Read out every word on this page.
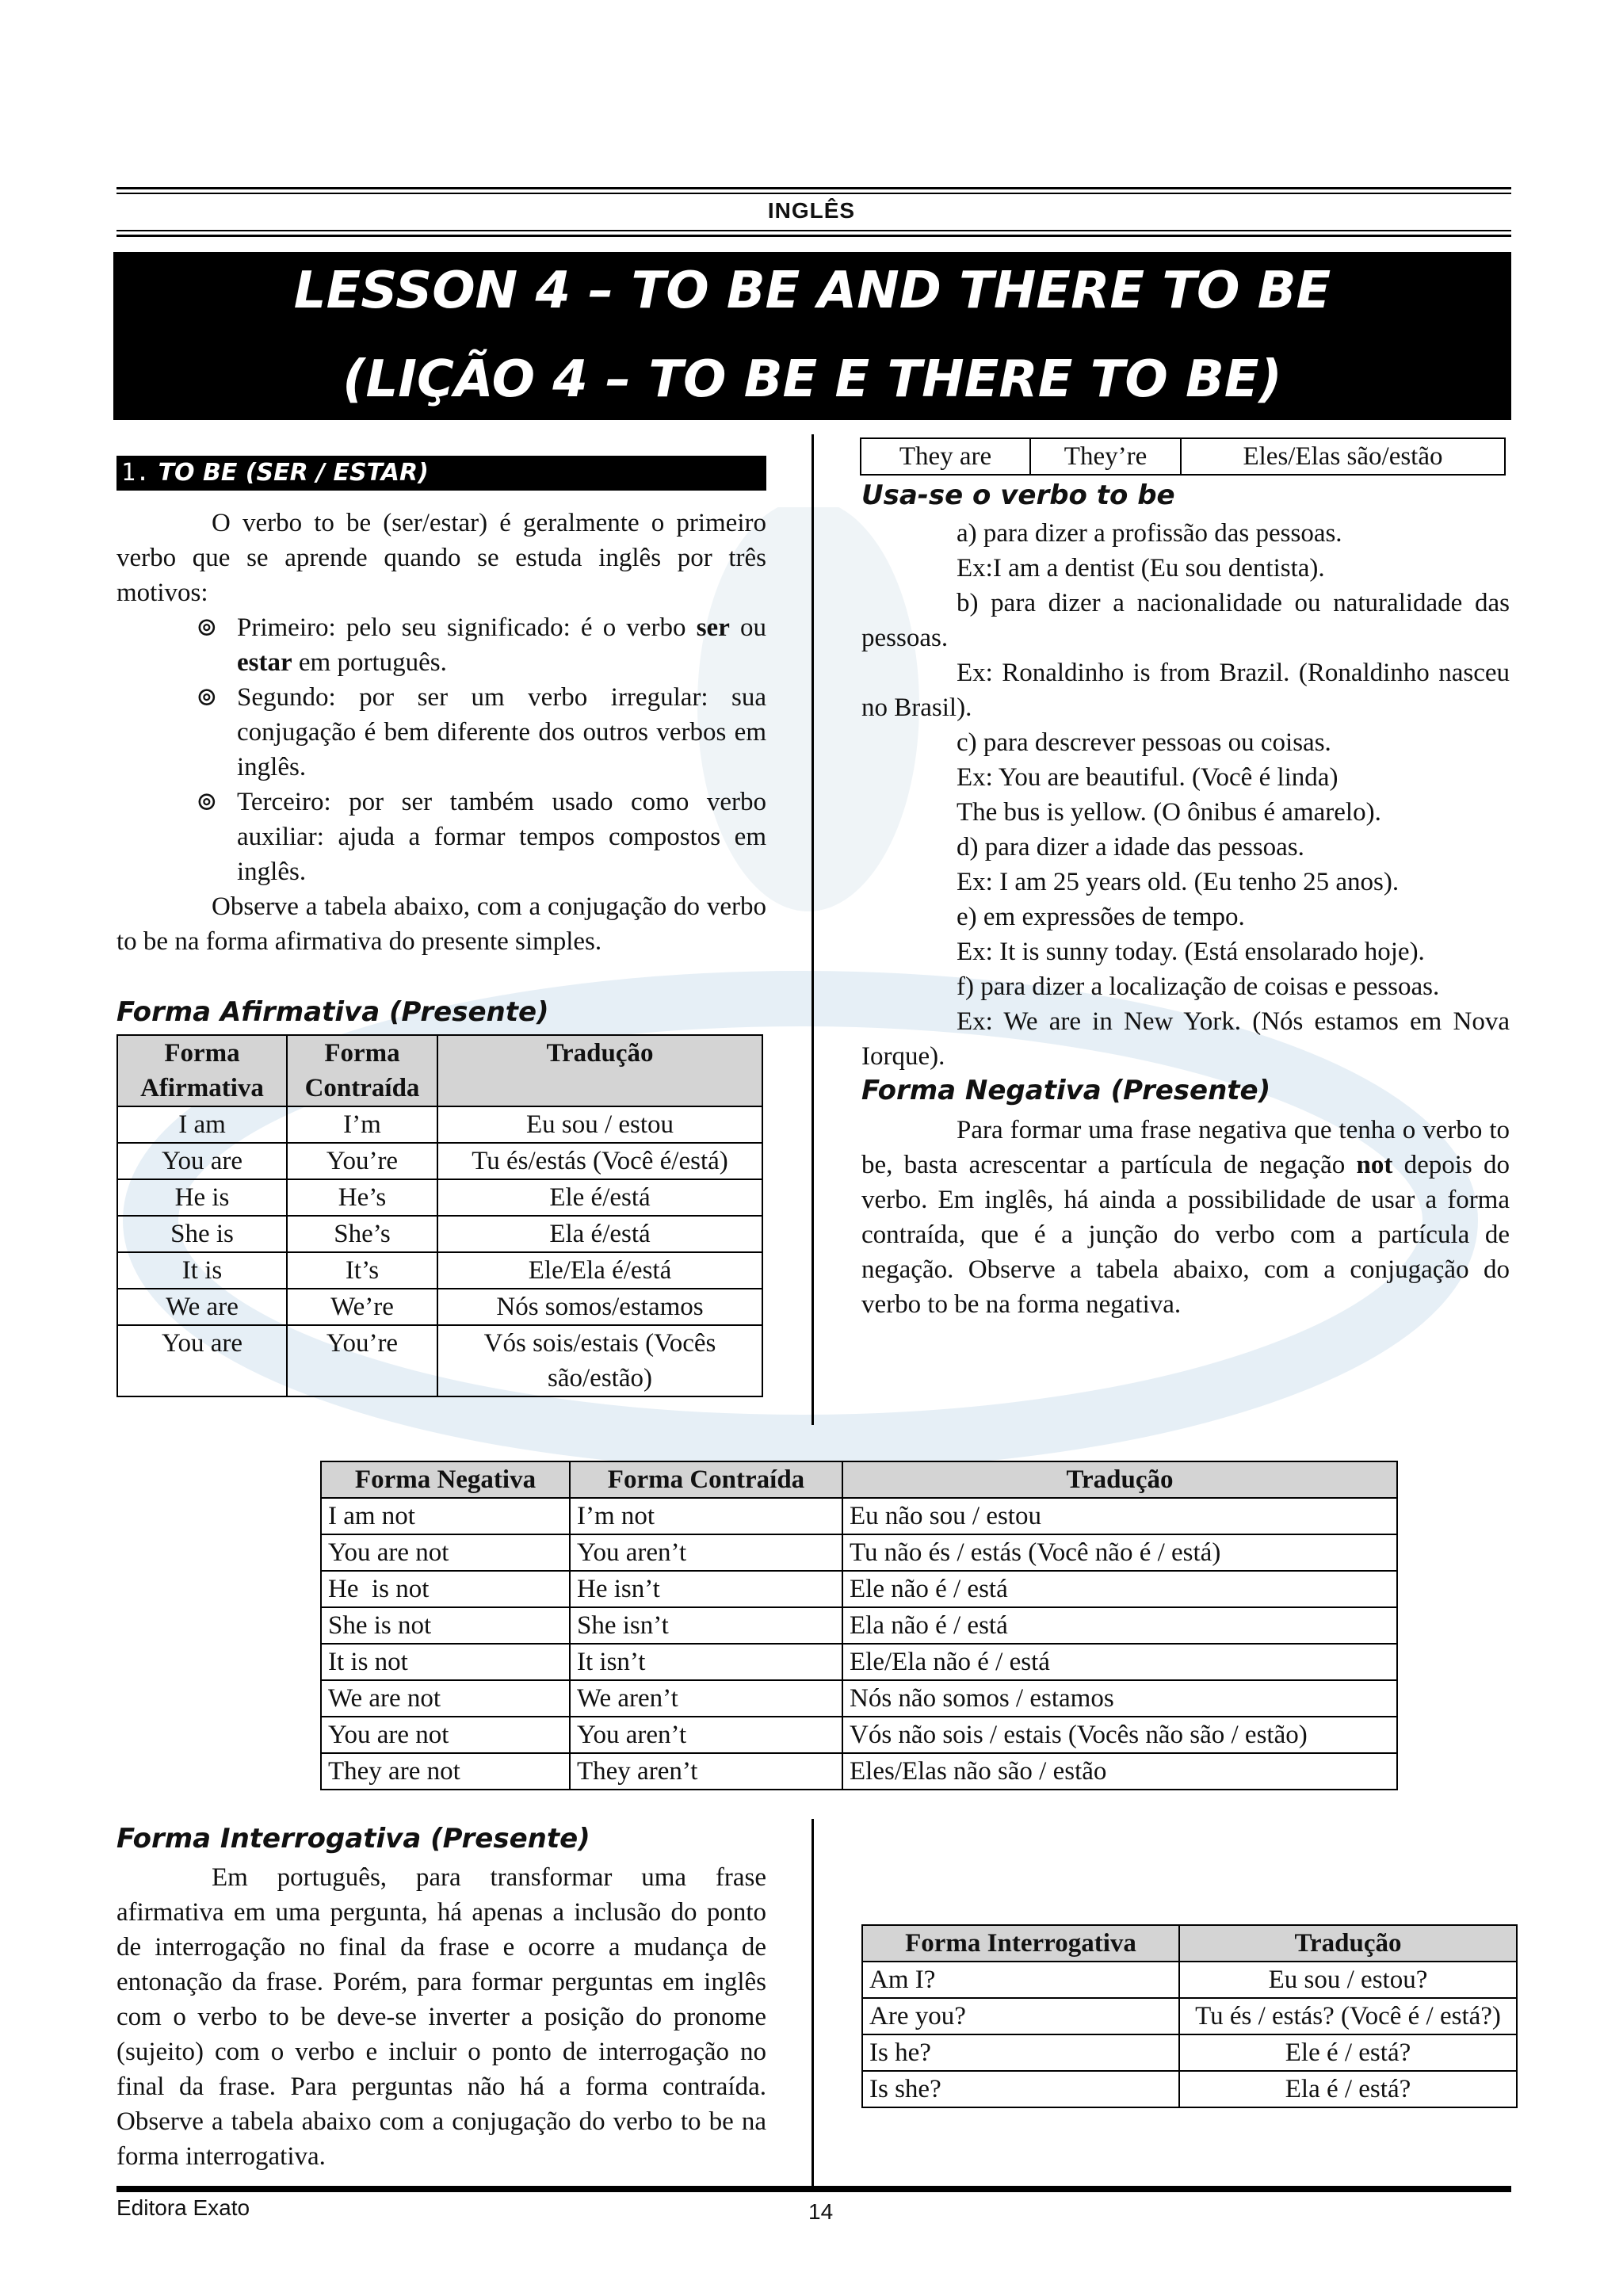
INGLÊS
LESSON 4 – TO BE AND THERE TO BE
(LIÇÃO 4 – TO BE E THERE TO BE)
1. TO BE (SER / ESTAR)

O verbo to be (ser/estar) é geralmente o primeiro verbo que se aprende quando se estuda inglês por três motivos:

⊚ Primeiro: pelo seu significado: é o verbo ser ou estar em português.

⊚ Segundo: por ser um verbo irregular: sua conjugação é bem diferente dos outros verbos em inglês.

⊚ Terceiro: por ser também usado como verbo auxiliar: ajuda a formar tempos compostos em inglês.

Observe a tabela abaixo, com a conjugação do verbo to be na forma afirmativa do presente simples.

Forma Afirmativa (Presente)
Forma Afirmativa	Forma Contraída	Tradução
I am	I’m	Eu sou / estou
You are	You’re	Tu és/estás (Você é/está)
He is	He’s	Ele é/está
She is	She’s	Ela é/está
It is	It’s	Ele/Ela é/está
We are	We’re	Nós somos/estamos
You are	You’re	Vós sois/estais (Vocês são/estão)
They are	They’re	Eles/Elas são/estão
Usa-se o verbo to be

a) para dizer a profissão das pessoas.

Ex:I am a dentist (Eu sou dentista).

b) para dizer a nacionalidade ou naturalidade das pessoas.

Ex: Ronaldinho is from Brazil. (Ronaldinho nasceu no Brasil).

c) para descrever pessoas ou coisas.

Ex: You are beautiful. (Você é linda)

The bus is yellow. (O ônibus é amarelo).

d) para dizer a idade das pessoas.

Ex: I am 25 years old. (Eu tenho 25 anos).

e) em expressões de tempo.

Ex: It is sunny today. (Está ensolarado hoje).

f) para dizer a localização de coisas e pessoas.

Ex: We are in New York. (Nós estamos em Nova Iorque).

Forma Negativa (Presente)

Para formar uma frase negativa que tenha o verbo to be, basta acrescentar a partícula de negação not depois do verbo. Em inglês, há ainda a possibilidade de usar a forma contraída, que é a junção do verbo com a partícula de negação. Observe a tabela abaixo, com a conjugação do verbo to be na forma negativa.

Forma Negativa	Forma Contraída	Tradução
I am not	I’m not	Eu não sou / estou
You are not	You aren’t	Tu não és / estás (Você não é / está)
He  is not	He isn’t	Ele não é / está
She is not	She isn’t	Ela não é / está
It is not	It isn’t	Ele/Ela não é / está
We are not	We aren’t	Nós não somos / estamos
You are not	You aren’t	Vós não sois / estais (Vocês não são / estão)
They are not	They aren’t	Eles/Elas não são / estão
Forma Interrogativa (Presente)

Em português, para transformar uma frase afirmativa em uma pergunta, há apenas a inclusão do ponto de interrogação no final da frase e ocorre a mudança de entonação da frase. Porém, para formar perguntas em inglês com o verbo to be deve-se inverter a posição do pronome (sujeito) com o verbo e incluir o ponto de interrogação no final da frase. Para perguntas não há a forma contraída. Observe a tabela abaixo com a conjugação do verbo to be na forma interrogativa.

Forma Interrogativa	Tradução
Am I?	Eu sou / estou?
Are you?	Tu és / estás? (Você é / está?)
Is he?	Ele é / está?
Is she?	Ela é / está?
Editora Exato	14
